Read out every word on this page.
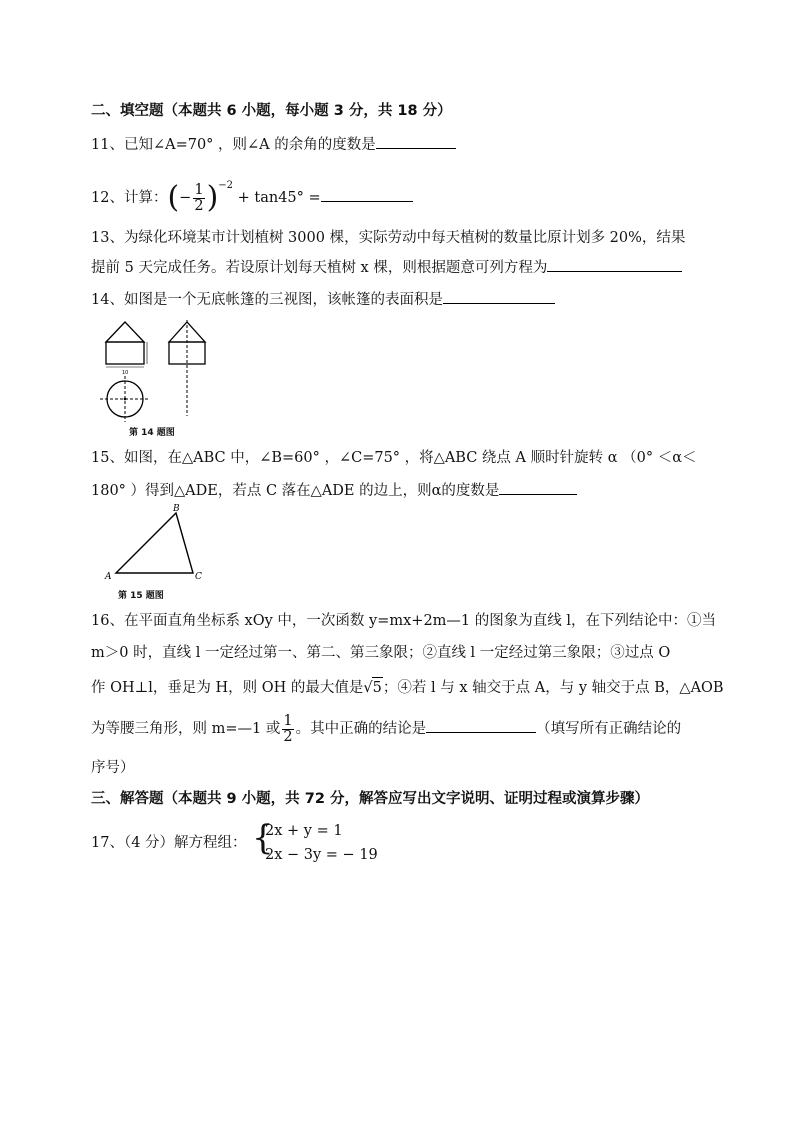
二、填空题（本题共 6 小题，每小题 3 分，共 18 分）
11、已知∠A=70° ，则∠A 的余角的度数是
12、计算：(− $\frac{1}{2} )^{-2} + \tan 45^\circ$ =
13、为绿化环境某市计划植树 3000 棵，实际劳动中每天植树的数量比原计划多 20%，结果
提前 5 天完成任务。若设原计划每天植树 x 棵，则根据题意可列方程为
14、如图是一个无底帐篷的三视图，该帐篷的表面积是
10
第 14 题图
15、如图，在△ABC 中，∠B=60° ，∠C=75° ，将△ABC 绕点 A 顺时针旋转 α （0° ＜α＜
180° ）得到△ADE，若点 C 落在△ADE 的边上，则α的度数是
A
B
C
第 15 题图
16、在平面直角坐标系 xOy 中，一次函数 y=mx+2m—1 的图象为直线 l，在下列结论中：①当
m＞0 时，直线 l 一定经过第一、第二、第三象限；②直线 l 一定经过第三象限；③过点 O
作 OH⊥l，垂足为 H，则 OH 的最大值是√5；④若 l 与 x 轴交于点 A，与 y 轴交于点 B，△AOB
为等腰三角形，则 m=—1 或 $\frac{1}{2}$ 。其中正确的结论是	（填写所有正确结论的
序号）
三、解答题（本题共 9 小题，共 72 分，解答应写出文字说明、证明过程或演算步骤）
17、（4 分）解方程组： {
2x + y = 1
2x − 3y = − 19
